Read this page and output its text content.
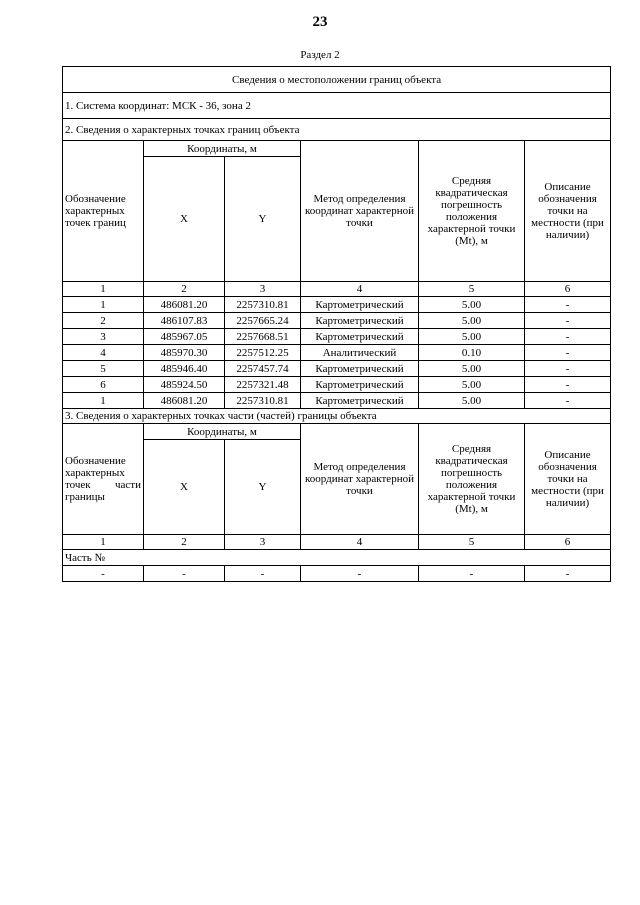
23
Раздел 2
Сведения о местоположении границ объекта					
1. Система координат: МСК - 36, зона 2					
2. Сведения о характерных точках границ объекта					
Обозначение характерных точек границ	Координаты, м		Метод определения координат характерной точки	Средняя квадратическая погрешность положения характерной точки (Mt), м	Описание обозначения точки на местности (при наличии)
	X	Y			
1	2	3	4	5	6
1	486081.20	2257310.81	Картометрический	5.00	-
2	486107.83	2257665.24	Картометрический	5.00	-
3	485967.05	2257668.51	Картометрический	5.00	-
4	485970.30	2257512.25	Аналитический	0.10	-
5	485946.40	2257457.74	Картометрический	5.00	-
6	485924.50	2257321.48	Картометрический	5.00	-
1	486081.20	2257310.81	Картометрический	5.00	-
3. Сведения о характерных точках части (частей) границы объекта					
Обозначение характерных точек части границы	Координаты, м		Метод определения координат характерной точки	Средняя квадратическая погрешность положения характерной точки (Mt), м	Описание обозначения точки на местности (при наличии)
	X	Y			
1	2	3	4	5	6
Часть №					
-	-	-	-	-	-
